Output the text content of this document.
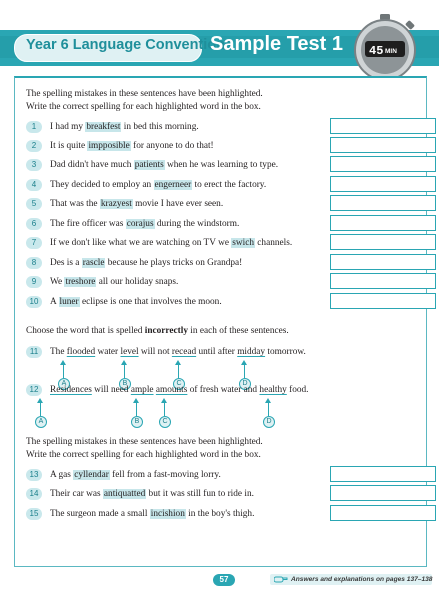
Year 6 Language Conventions
Sample Test 1 45 MIN
The spelling mistakes in these sentences have been highlighted.
Write the correct spelling for each highlighted word in the box.
1	I had my breakfest in bed this morning.
2	It is quite impposible for anyone to do that!
3	Dad didn't have much patients when he was learning to type.
4	They decided to employ an engerneer to erect the factory.
5	That was the krazyest movie I have ever seen.
6	The fire officer was corajus during the windstorm.
7	If we don't like what we are watching on TV we swich channels.
8	Des is a rascle because he plays tricks on Grandpa!
9	We treshore all our holiday snaps.
10	A luner eclipse is one that involves the moon.
Choose the word that is spelled incorrectly in each of these sentences.
11	The flooded water level will not recead until after midday tomorrow.
A	B	C	D
12	Residences will need ample amounts of fresh water and healthy food.
A	B	C	D
The spelling mistakes in these sentences have been highlighted.
Write the correct spelling for each highlighted word in the box.
13	A gas cyllendar fell from a fast-moving lorry.
14	Their car was antiquatted but it was still fun to ride in.
15	The surgeon made a small incishion in the boy's thigh.
57	Answers and explanations on pages 137–138
